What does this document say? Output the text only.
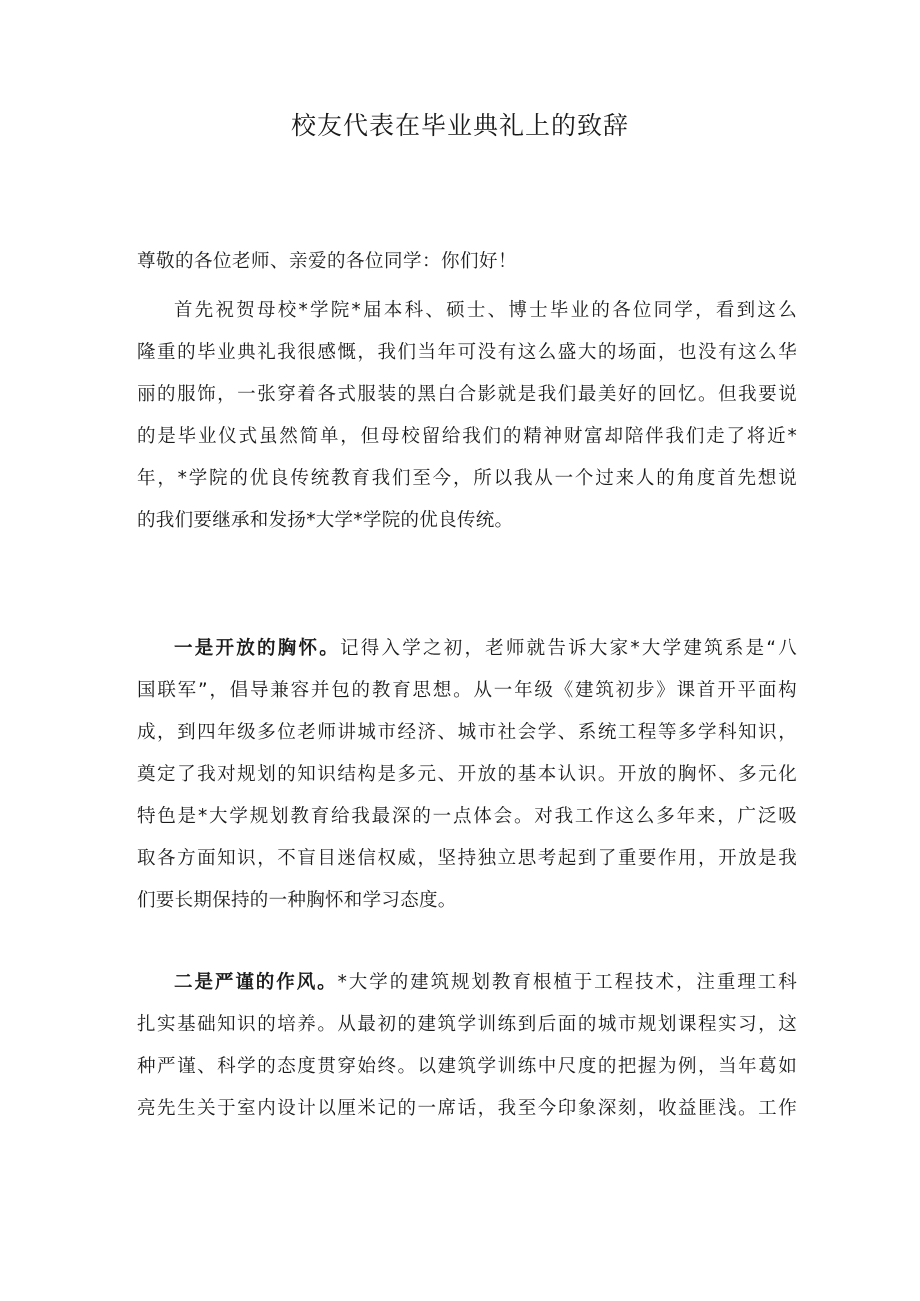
校友代表在毕业典礼上的致辞
尊敬的各位老师、亲爱的各位同学：你们好！
首先祝贺母校*学院*届本科、硕士、博士毕业的各位同学，看到这么
隆重的毕业典礼我很感慨，我们当年可没有这么盛大的场面，也没有这么华
丽的服饰，一张穿着各式服装的黑白合影就是我们最美好的回忆。但我要说
的是毕业仪式虽然简单，但母校留给我们的精神财富却陪伴我们走了将近*
年，*学院的优良传统教育我们至今，所以我从一个过来人的角度首先想说
的我们要继承和发扬*大学*学院的优良传统。
一是开放的胸怀。记得入学之初，老师就告诉大家*大学建筑系是“八
国联军”，倡导兼容并包的教育思想。从一年级《建筑初步》课首开平面构
成，到四年级多位老师讲城市经济、城市社会学、系统工程等多学科知识，
奠定了我对规划的知识结构是多元、开放的基本认识。开放的胸怀、多元化
特色是*大学规划教育给我最深的一点体会。对我工作这么多年来，广泛吸
取各方面知识，不盲目迷信权威，坚持独立思考起到了重要作用，开放是我
们要长期保持的一种胸怀和学习态度。
二是严谨的作风。*大学的建筑规划教育根植于工程技术，注重理工科
扎实基础知识的培养。从最初的建筑学训练到后面的城市规划课程实习，这
种严谨、科学的态度贯穿始终。以建筑学训练中尺度的把握为例，当年葛如
亮先生关于室内设计以厘米记的一席话，我至今印象深刻，收益匪浅。工作
